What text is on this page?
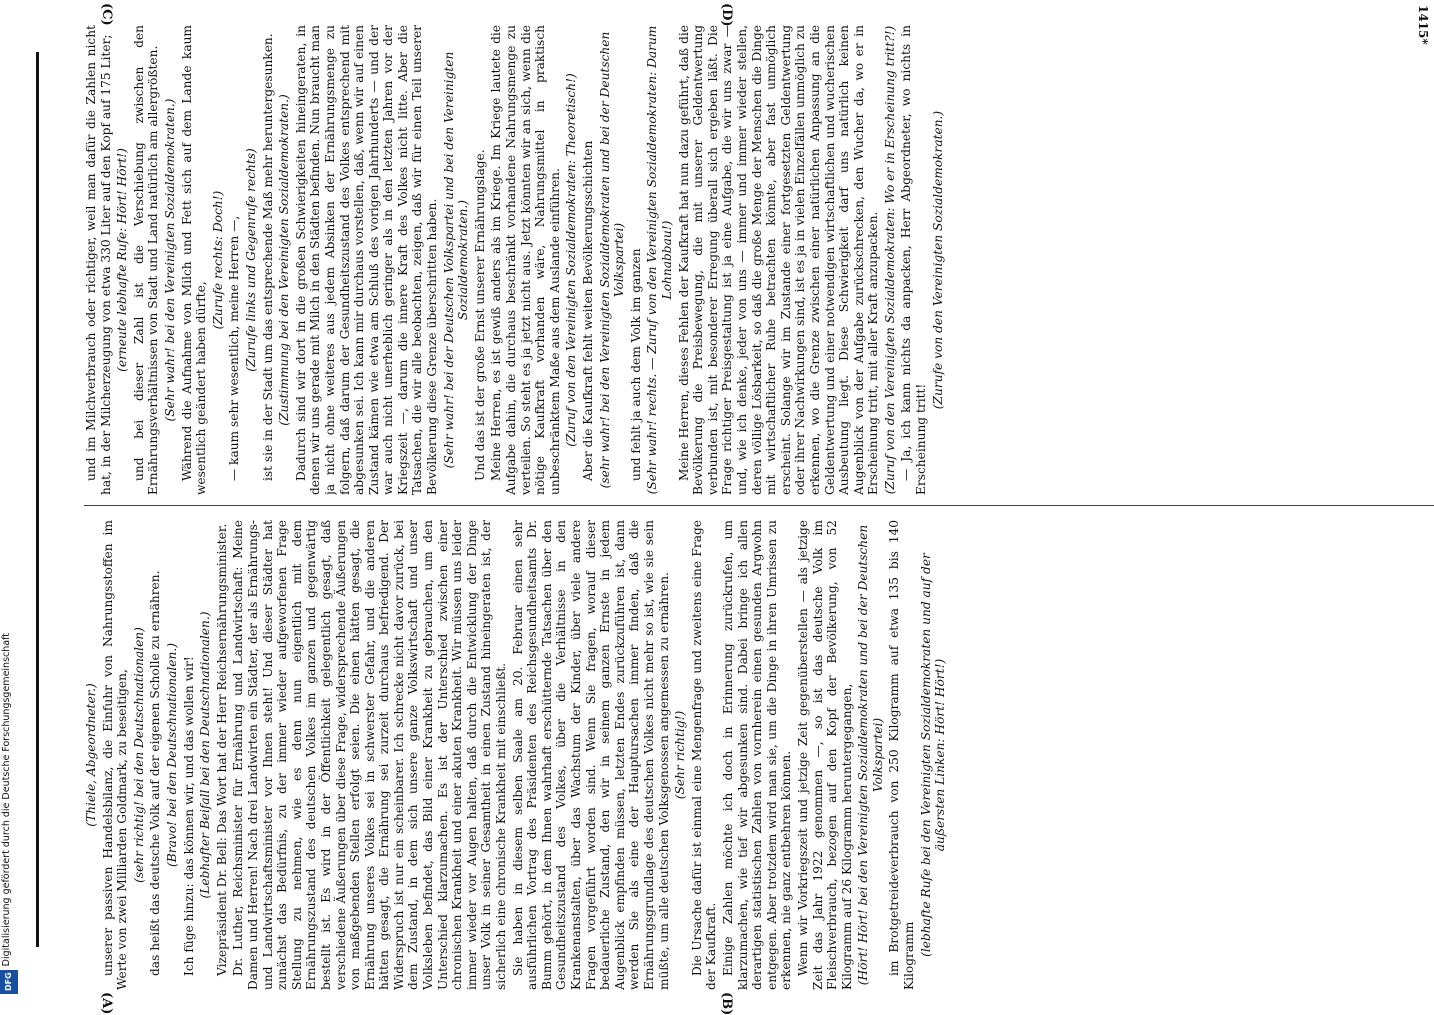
(A)	(B)
(C)	(D)

(Thiele, Abgeordneter.) unserer passiven Handelsbilanz, die Einfuhr von Nahrungsstoffen im Werte von zwei Milliarden Goldmark, zu beseitigen, (sehr richtig! bei den Deutschnationalen) das heißt das deutsche Volk auf der eigenen Scholle zu ernähren. (Bravo! bei den Deutschnationalen.) Ich füge hinzu: das können wir, und das wollen wir! (Lebhafter Beifall bei den Deutschnationalen.) Vizepräsident Dr. Bell: Das Wort hat der Herr Reichsernährungsminister. Dr. Luther, Reichsminister für Ernährung und Landwirtschaft: Meine Damen und Herren! Nach drei Landwirten ein Städter, der als Ernährungs- und Landwirtschaftsminister vor Ihnen steht! Und dieser Städter hat zunächst das Bedürfnis, zu der immer wieder aufgeworfenen Frage Stellung zu nehmen, wie es denn nun eigentlich mit dem Ernährungszustand des deutschen Volkes im ganzen und gegenwärtig bestellt ist. Es wird in der Öffentlichkeit gelegentlich gesagt, daß verschiedene Äußerungen über diese Frage, widersprechende Äußerungen von maßgebenden Stellen erfolgt seien. Die einen hätten gesagt, die Ernährung unseres Volkes sei in schwerster Gefahr, und die anderen hätten gesagt, die Ernährung sei zurzeit durchaus befriedigend. Der Widerspruch ist nur ein scheinbarer. Ich schrecke nicht davor zurück, bei dem Zustand, in dem sich unsere ganze Volkswirtschaft und unser Volksleben befindet, das Bild einer Krankheit zu gebrauchen, um den Unterschied klarzumachen. Es ist der Unterschied zwischen einer chronischen Krankheit und einer akuten Krankheit. Wir müssen uns leider immer wieder vor Augen halten, daß durch die Entwicklung der Dinge unser Volk in seiner Gesamtheit in einen Zustand hineingeraten ist, der sicherlich eine chronische Krankheit mit einschließt. Sie haben in diesem selben Saale am 20. Februar einen sehr ausführlichen Vortrag des Präsidenten des Reichsgesundheitsamts Dr. Bumm gehört, in dem Ihnen wahrhaft erschütternde Tatsachen über den Gesundheitszustand des Volkes, über die Verhältnisse in den Krankenanstalten, über das Wachstum der Kinder, über viele andere Fragen vorgeführt worden sind. Wenn Sie fragen, worauf dieser bedauerliche Zustand, den wir in seinem ganzen Ernste in jedem Augenblick empfinden müssen, letzten Endes zurückzuführen ist, dann werden Sie als eine der Hauptursachen immer finden, daß die Ernährungsgrundlage des deutschen Volkes nicht mehr so ist, wie sie sein müßte, um alle deutschen Volksgenossen angemessen zu ernähren. (Sehr richtig!) Die Ursache dafür ist einmal eine Mengenfrage und zweitens eine Frage der Kaufkraft. Einige Zahlen möchte ich doch in Erinnerung zurückrufen, um klarzumachen, wie tief wir abgesunken sind. Dabei bringe ich allen derartigen statistischen Zahlen von vornherein einen gesunden Argwohn entgegen. Aber trotzdem wird man sie, um die Dinge in ihren Umrissen zu erkennen, nie ganz entbehren können. Wenn wir Vorkriegszeit und jetzige Zeit gegenüberstellen — als jetzige Zeit das Jahr 1922 genommen —, so ist das deutsche Volk im Fleischverbrauch, bezogen auf den Kopf der Bevölkerung, von 52 Kilogramm auf 26 Kilogramm heruntergegangen, (Hört! Hört! bei den Vereinigten Sozialdemokraten und bei der Deutschen Volkspartei) im Brotgetreideverbrauch von 250 Kilogramm auf etwa 135 bis 140 Kilogramm (lebhafte Rufe bei den Vereinigten Sozialdemokraten und auf der äußersten Linken: Hört! Hört!)

und im Milchverbrauch oder richtiger, weil man dafür die Zahlen nicht hat, in der Milcherzeugung von etwa 330 Liter auf den Kopf auf 175 Liter; (erneute lebhafte Rufe: Hört! Hört!) und bei dieser Zahl ist die Verschiebung zwischen den Ernährungsverhältnissen von Stadt und Land natürlich am allergrößten. (Sehr wahr! bei den Vereinigten Sozialdemokraten.) Während die Aufnahme von Milch und Fett sich auf dem Lande kaum wesentlich geändert haben dürfte,

(Zurufe rechts: Doch!) — kaum sehr wesentlich, meine Herren —, (Zurufe links und Gegenrufe rechts) ist sie in der Stadt um das entsprechende Maß mehr heruntergesunken. (Zustimmung bei den Vereinigten Sozialdemokraten.) Dadurch sind wir dort in die großen Schwierigkeiten hineingeraten, in denen wir uns gerade mit Milch in den Städten befinden. Nun braucht man ja nicht ohne weiteres aus jedem Absinken der Ernährungsmenge zu folgern, daß darum der Gesundheitszustand des Volkes entsprechend mit abgesunken sei. Ich kann mir durchaus vorstellen, daß, wenn wir auf einen Zustand kämen wie etwa am Schluß des vorigen Jahrhunderts — und der war auch nicht unerheblich geringer als in den letzten Jahren vor der Kriegszeit —, darum die innere Kraft des Volkes nicht litte. Aber die Tatsachen, die wir alle beobachten, zeigen, daß wir für einen Teil unserer Bevölkerung diese Grenze überschritten haben. (Sehr wahr! bei der Deutschen Volkspartei und bei den Vereinigten Sozialdemokraten.) Und das ist der große Ernst unserer Ernährungslage. Meine Herren, es ist gewiß anders als im Kriege. Im Kriege lautete die Aufgabe dahin, die durchaus beschränkt vorhandene Nahrungsmenge zu verteilen. So steht es ja jetzt nicht aus. Jetzt könnten wir an sich, wenn die nötige Kaufkraft vorhanden wäre, Nahrungsmittel in praktisch unbeschränktem Maße aus dem Auslande einführen. (Zuruf von den Vereinigten Sozialdemokraten: Theoretisch!) Aber die Kaufkraft fehlt weiten Bevölkerungsschichten (sehr wahr! bei den Vereinigten Sozialdemokraten und bei der Deutschen Volkspartei) und fehlt ja auch dem Volk im ganzen (Sehr wahr! rechts. — Zuruf von den Vereinigten Sozialdemokraten: Darum Lohnabbau!) Meine Herren, dieses Fehlen der Kaufkraft hat nun dazu geführt, daß die Bevölkerung die Preisbewegung, die mit unserer Geldentwertung verbunden ist, mit besonderer Erregung überall sich ergeben läßt. Die Frage richtiger Preisgestaltung ist ja eine Aufgabe, die wir uns zwar — und, wie ich denke, jeder von uns — immer und immer wieder stellen, deren völlige Lösbarkeit, so daß die große Menge der Menschen die Dinge mit wirtschaftlicher Ruhe betrachten könnte, aber fast unmöglich erscheint. Solange wir im Zustande einer fortgesetzten Geldentwertung oder ihrer Nachwirkungen sind, ist es ja in vielen Einzelfällen unmöglich zu erkennen, wo die Grenze zwischen einer natürlichen Anpassung an die Geldentwertung und einer notwendigen wirtschaftlichen und wucherischen Ausbeutung liegt. Diese Schwierigkeit darf uns natürlich keinen Augenblick von der Aufgabe zurückschrecken, den Wucher da, wo er in Erscheinung tritt, mit aller Kraft anzupacken. (Zuruf von den Vereinigten Sozialdemokraten: Wo er in Erscheinung tritt?!) — Ja, ich kann nichts da anpacken, Herr Abgeordneter, wo nichts in Erscheinung tritt!

(Zurufe von den Vereinigten Sozialdemokraten.)

1415*
DFG
Digitalisierung gefördert durch die Deutsche Forschungsgemeinschaft
